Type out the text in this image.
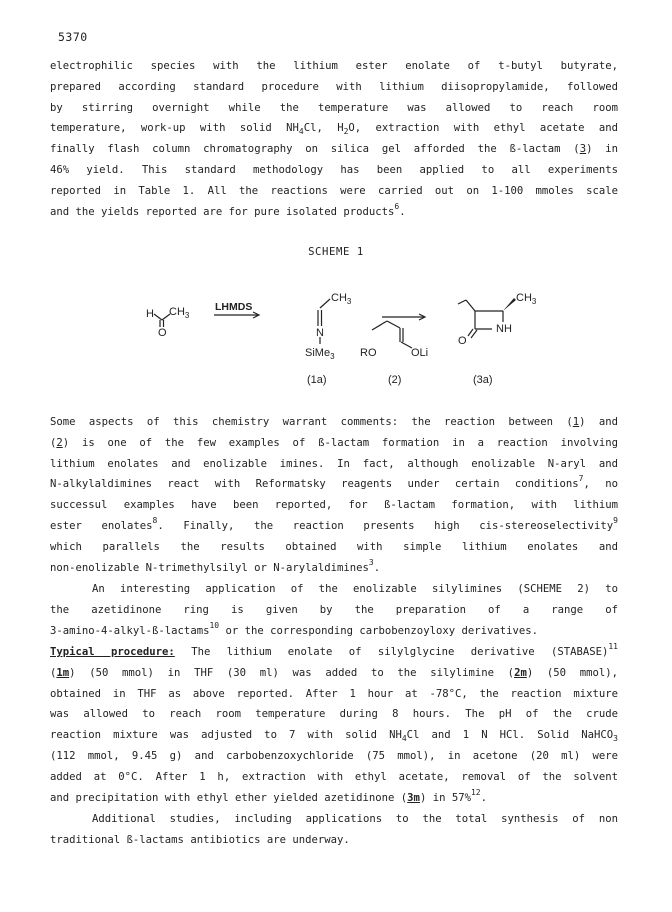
5370
electrophilic species with the lithium ester enolate of t-butyl butyrate,
prepared according standard procedure with lithium diisopropylamide, followed
by stirring overnight while the temperature was allowed to reach room
temperature, work-up with solid $NH_4Cl$, $H_2O$, extraction with ethyl acetate and
finally flash column chromatography on silica gel afforded the ß-lactam (3) in
46% yield. This standard methodology has been applied to all experiments
reported in Table 1. All the reactions were carried out on 1-100 mmoles scale
and the yields reported are for pure isolated products$^6$.
SCHEME 1
H $CH_3$
O
LHMDS
$CH_3$
N
SiMe$_3$ RO	OLi
$CH_3$
NH
O
(1a)	(2)	(3a)
Some aspects of this chemistry warrant comments: the reaction between (1) and
(2) is one of the few examples of ß-lactam formation in a reaction involving
lithium enolates and enolizable imines. In fact, although enolizable N-aryl and
N-alkylaldimines react with Reformatsky reagents under certain conditions$^7$, no
successul examples have been reported, for ß-lactam formation, with lithium
ester enolates$^8$. Finally, the reaction presents high cis-stereoselectivity$^9$
which parallels the results obtained with simple lithium enolates and
non-enolizable N-trimethylsilyl or N-arylaldimines$^3$.
An interesting application of the enolizable silylimines (SCHEME 2) to
the azetidinone ring is given by the preparation of a range of
3-amino-4-alkyl-ß-lactams$^{10}$ or the corresponding carbobenzoyloxy derivatives.
Typical procedure: The lithium enolate of silylglycine derivative (STABASE)$^{11}$
(1m) (50 mmol) in THF (30 ml) was added to the silylimine (2m) (50 mmol),
obtained in THF as above reported. After 1 hour at -78°C, the reaction mixture
was allowed to reach room temperature during 8 hours. The pH of the crude
reaction mixture was adjusted to 7 with solid $NH_4Cl$ and 1 N HCl. Solid NaHCO$_3$
(112 mmol, 9.45 g) and carbobenzoxychloride (75 mmol), in acetone (20 ml) were
added at 0°C. After 1 h, extraction with ethyl acetate, removal of the solvent
and precipitation with ethyl ether yielded azetidinone (3m) in 57%$^{12}$.
Additional studies, including applications to the total synthesis of non
traditional ß-lactams antibiotics are underway.
